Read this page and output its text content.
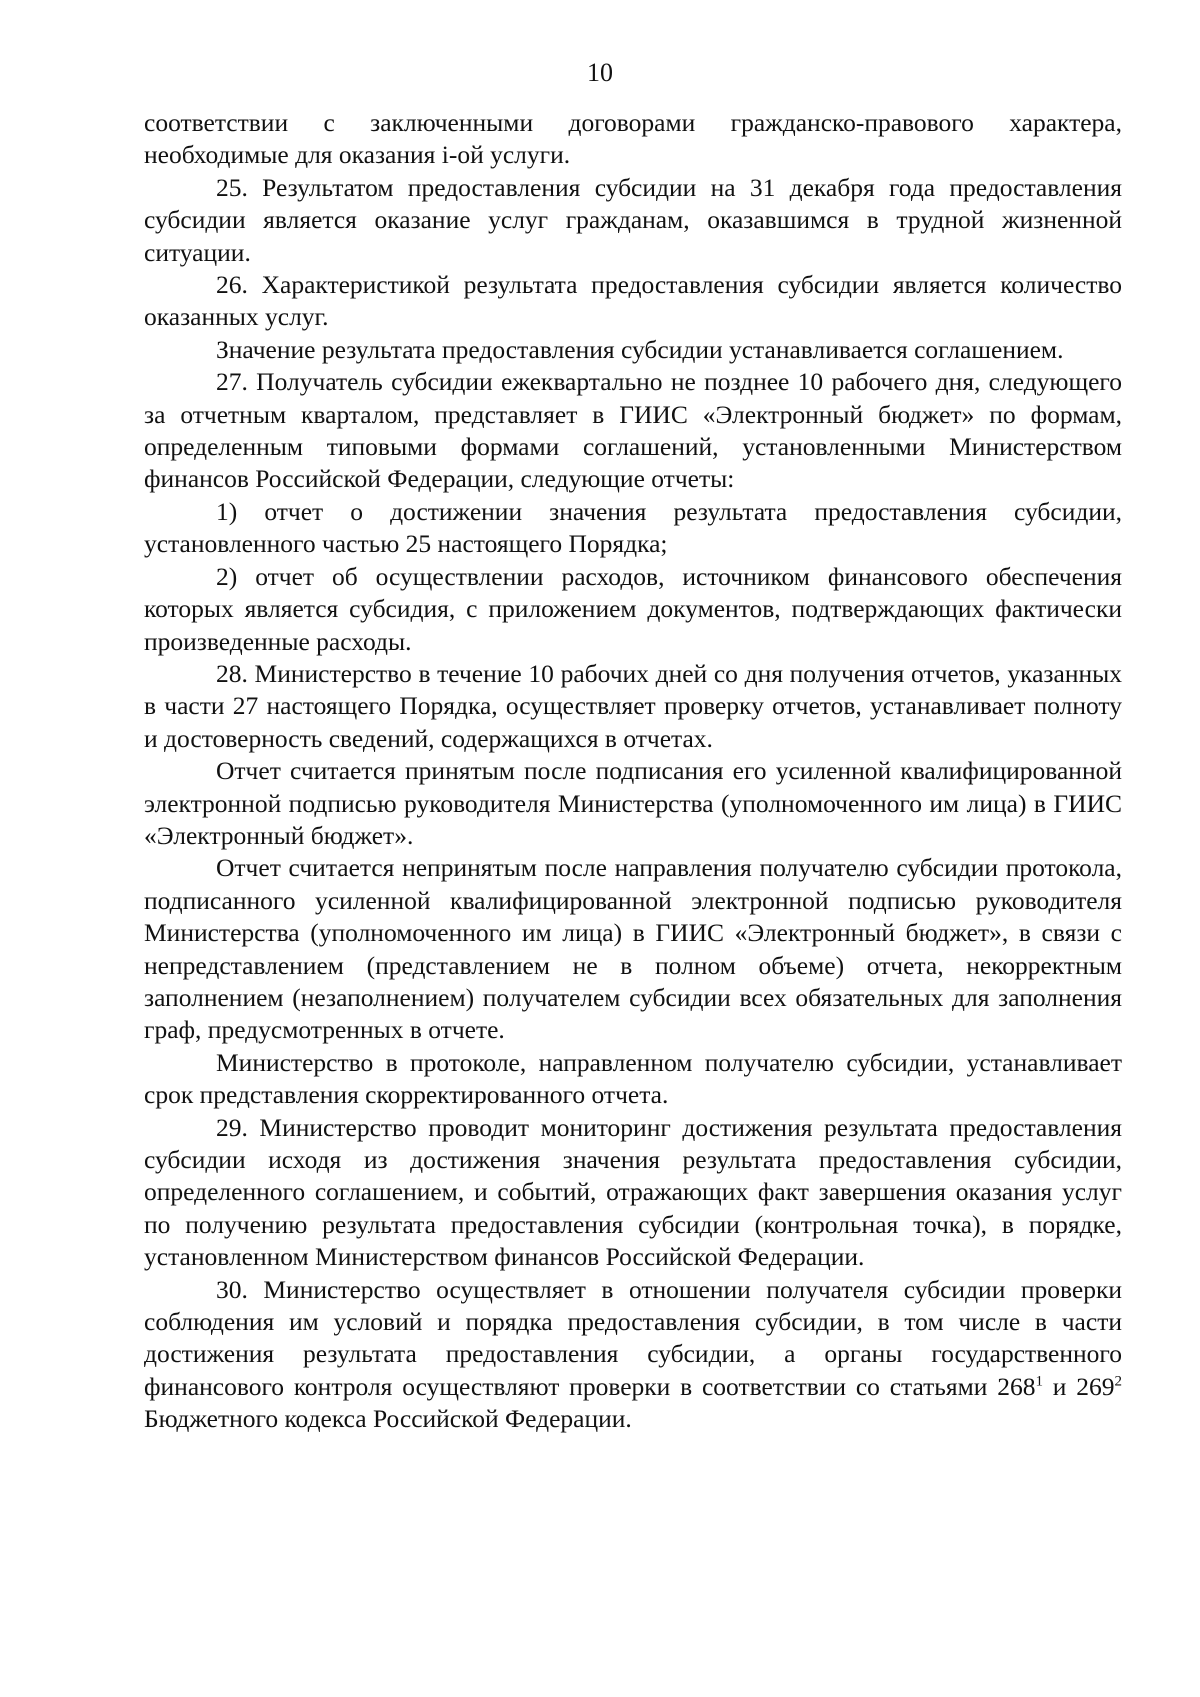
10

соответствии с заключенными договорами гражданско-правового характера, необходимые для оказания i-ой услуги.

25. Результатом предоставления субсидии на 31 декабря года предоставления субсидии является оказание услуг гражданам, оказавшимся в трудной жизненной ситуации.

26. Характеристикой результата предоставления субсидии является количество оказанных услуг.

Значение результата предоставления субсидии устанавливается соглашением.

27. Получатель субсидии ежеквартально не позднее 10 рабочего дня, следующего за отчетным кварталом, представляет в ГИИС «Электронный бюджет» по формам, определенным типовыми формами соглашений, установленными Министерством финансов Российской Федерации, следующие отчеты:

1) отчет о достижении значения результата предоставления субсидии, установленного частью 25 настоящего Порядка;

2) отчет об осуществлении расходов, источником финансового обеспечения которых является субсидия, с приложением документов, подтверждающих фактически произведенные расходы.

28. Министерство в течение 10 рабочих дней со дня получения отчетов, указанных в части 27 настоящего Порядка, осуществляет проверку отчетов, устанавливает полноту и достоверность сведений, содержащихся в отчетах.

Отчет считается принятым после подписания его усиленной квалифицированной электронной подписью руководителя Министерства (уполномоченного им лица) в ГИИС «Электронный бюджет».

Отчет считается непринятым после направления получателю субсидии протокола, подписанного усиленной квалифицированной электронной подписью руководителя Министерства (уполномоченного им лица) в ГИИС «Электронный бюджет», в связи с непредставлением (представлением не в полном объеме) отчета, некорректным заполнением (незаполнением) получателем субсидии всех обязательных для заполнения граф, предусмотренных в отчете.

Министерство в протоколе, направленном получателю субсидии, устанавливает срок представления скорректированного отчета.

29. Министерство проводит мониторинг достижения результата предоставления субсидии исходя из достижения значения результата предоставления субсидии, определенного соглашением, и событий, отражающих факт завершения оказания услуг по получению результата предоставления субсидии (контрольная точка), в порядке, установленном Министерством финансов Российской Федерации.

30. Министерство осуществляет в отношении получателя субсидии проверки соблюдения им условий и порядка предоставления субсидии, в том числе в части достижения результата предоставления субсидии, а органы государственного финансового контроля осуществляют проверки в соответствии со статьями $268^1$ и $269^2$ Бюджетного кодекса Российской Федерации.
